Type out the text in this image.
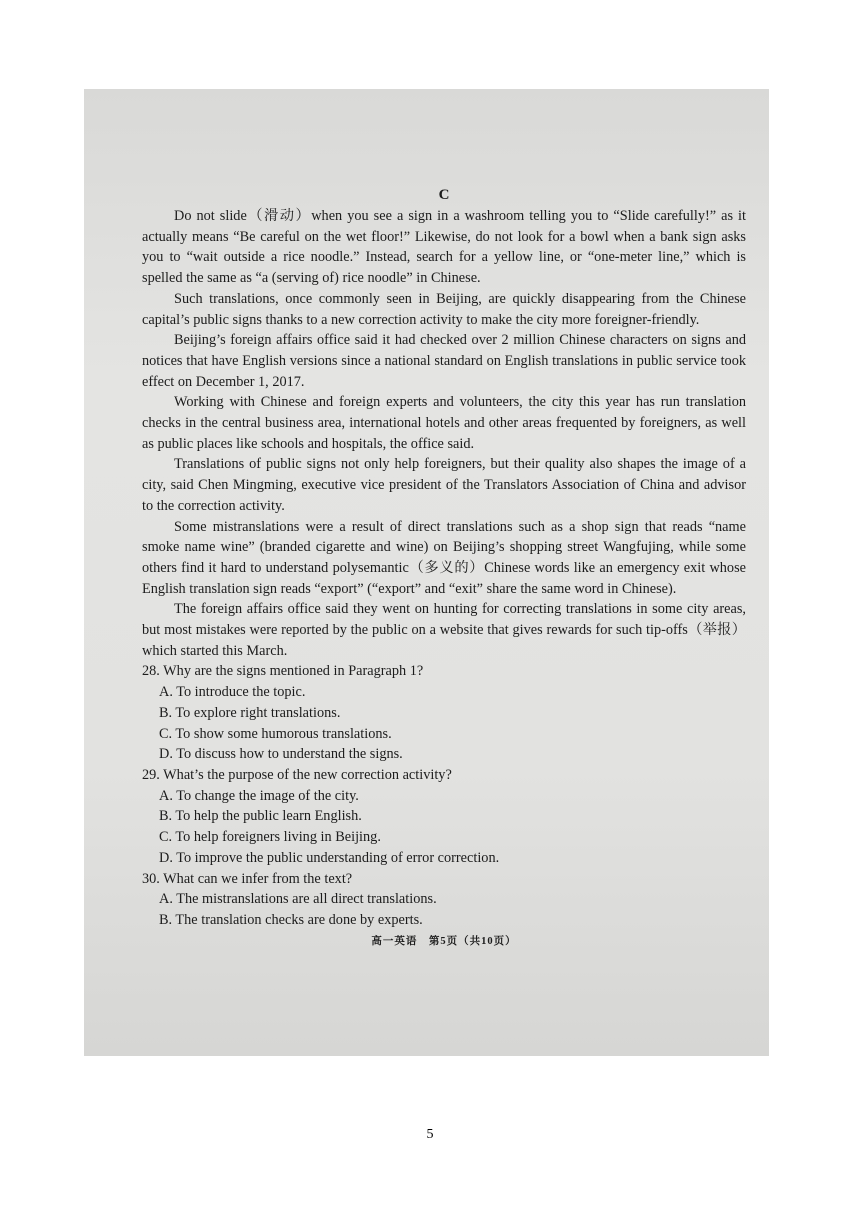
C

Do not slide（滑动）when you see a sign in a washroom telling you to “Slide carefully!” as it actually means “Be careful on the wet floor!” Likewise, do not look for a bowl when a bank sign asks you to “wait outside a rice noodle.” Instead, search for a yellow line, or “one-meter line,” which is spelled the same as “a (serving of) rice noodle” in Chinese.

Such translations, once commonly seen in Beijing, are quickly disappearing from the Chinese capital’s public signs thanks to a new correction activity to make the city more foreigner-friendly.

Beijing’s foreign affairs office said it had checked over 2 million Chinese characters on signs and notices that have English versions since a national standard on English translations in public service took effect on December 1, 2017.

Working with Chinese and foreign experts and volunteers, the city this year has run translation checks in the central business area, international hotels and other areas frequented by foreigners, as well as public places like schools and hospitals, the office said.

Translations of public signs not only help foreigners, but their quality also shapes the image of a city, said Chen Mingming, executive vice president of the Translators Association of China and advisor to the correction activity.

Some mistranslations were a result of direct translations such as a shop sign that reads “name smoke name wine” (branded cigarette and wine) on Beijing’s shopping street Wangfujing, while some others find it hard to understand polysemantic（多义的）Chinese words like an emergency exit whose English translation sign reads “export” (“export” and “exit” share the same word in Chinese).

The foreign affairs office said they went on hunting for correcting translations in some city areas, but most mistakes were reported by the public on a website that gives rewards for such tip-offs（举报）which started this March.

28. Why are the signs mentioned in Paragraph 1?

A. To introduce the topic.

B. To explore right translations.

C. To show some humorous translations.

D. To discuss how to understand the signs.

29. What’s the purpose of the new correction activity?

A. To change the image of the city.

B. To help the public learn English.

C. To help foreigners living in Beijing.

D. To improve the public understanding of error correction.

30. What can we infer from the text?

A. The mistranslations are all direct translations.

B. The translation checks are done by experts.

高一英语　第5页（共10页）
5
